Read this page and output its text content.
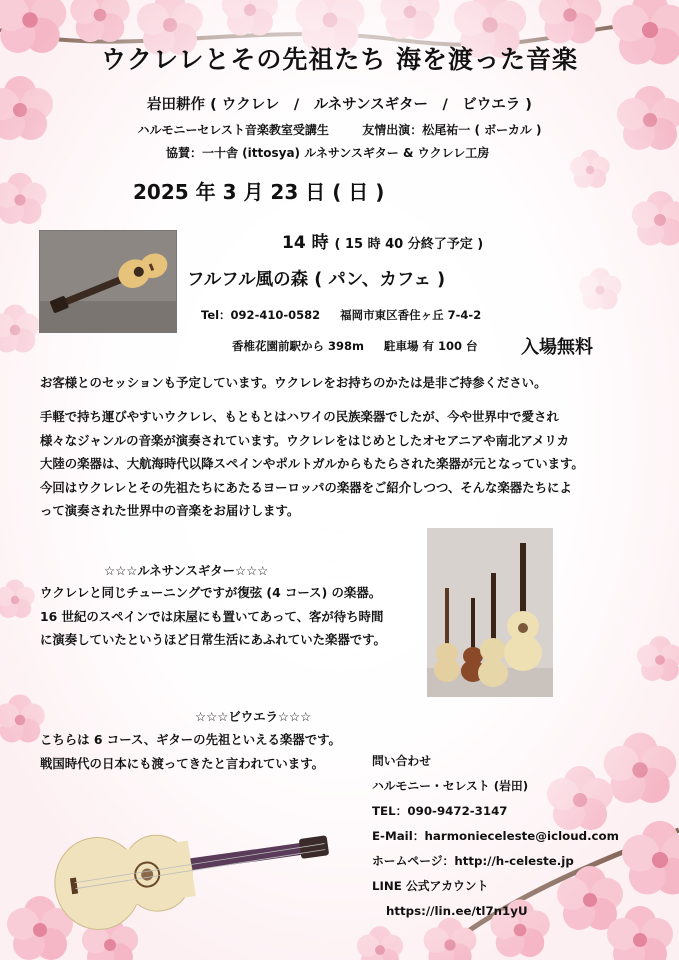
ウクレレとその先祖たち 海を渡った音楽
岩田耕作 ( ウクレレ　/　ルネサンスギター　/　ビウエラ )
ハルモニーセレスト音楽教室受講生	友情出演：松尾祐一 ( ボーカル )
協賛：一十舎 (ittosya) ルネサンスギター & ウクレレ工房
2025 年 3 月 23 日 ( 日 )
14 時 ( 15 時 40 分終了予定 )
フルフル風の森 ( パン、カフェ )
Tel：092-410-0582 福岡市東区香住ヶ丘 7-4-2
香椎花園前駅から 398m 駐車場 有 100 台 入場無料
お客様とのセッションも予定しています。ウクレレをお持ちのかたは是非ご持参ください。
手軽で持ち運びやすいウクレレ、もともとはハワイの民族楽器でしたが、今や世界中で愛され
様々なジャンルの音楽が演奏されています。ウクレレをはじめとしたオセアニアや南北アメリカ
大陸の楽器は、大航海時代以降スペインやポルトガルからもたらされた楽器が元となっています。
今回はウクレレとその先祖たちにあたるヨーロッパの楽器をご紹介しつつ、そんな楽器たちによ
って演奏された世界中の音楽をお届けします。
☆☆☆ルネサンスギター☆☆☆
ウクレレと同じチューニングですが復弦 (4 コース) の楽器。
16 世紀のスペインでは床屋にも置いてあって、客が待ち時間
に演奏していたというほど日常生活にあふれていた楽器です。
☆☆☆ビウエラ☆☆☆
こちらは 6 コース、ギターの先祖といえる楽器です。
戦国時代の日本にも渡ってきたと言われています。	問い合わせ
ハルモニー・セレスト (岩田)
TEL：090-9472-3147
E-Mail：harmonieceleste@icloud.com
ホームページ：http://h-celeste.jp
LINE 公式アカウント
https://lin.ee/tl7n1yU
